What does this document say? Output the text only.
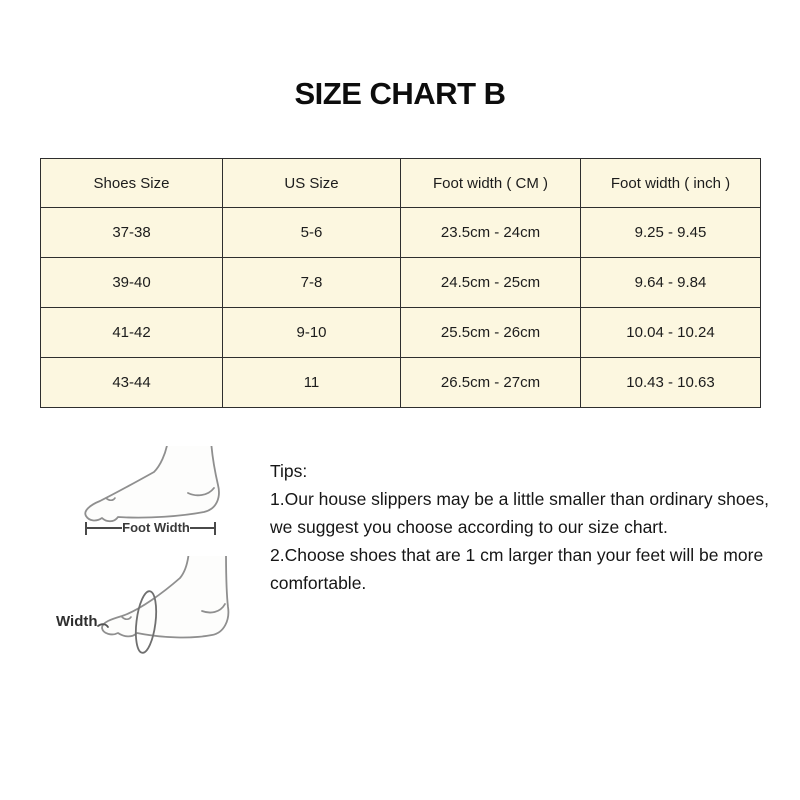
SIZE CHART B
Shoes Size	US Size	Foot width ( CM )	Foot width ( inch )
37-38	5-6	23.5cm - 24cm	9.25 - 9.45
39-40	7-8	24.5cm - 25cm	9.64 - 9.84
41-42	9-10	25.5cm - 26cm	10.04 - 10.24
43-44	11	26.5cm - 27cm	10.43 - 10.63
Foot Width
Width
Tips:
1.Our house slippers may be a little smaller than ordinary shoes, we suggest you choose according to our size chart.
2.Choose shoes that are 1 cm larger than your feet will be more comfortable.
